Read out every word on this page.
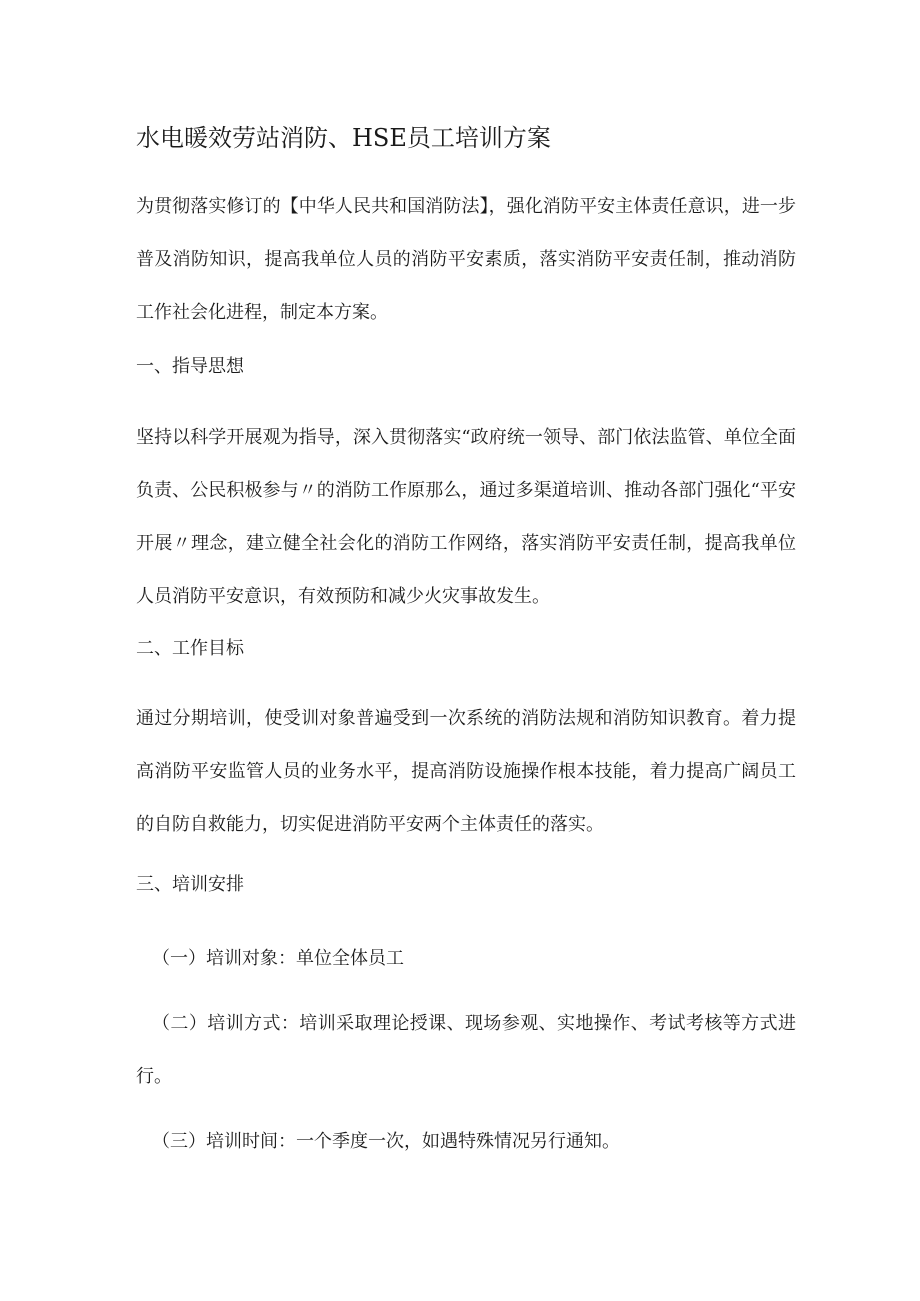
水电暖效劳站消防、HSE员工培训方案
为贯彻落实修订的【中华人民共和国消防法】，强化消防平安主体责任意识，进一步普及消防知识，提高我单位人员的消防平安素质，落实消防平安责任制，推动消防工作社会化进程，制定本方案。
一、指导思想
坚持以科学开展观为指导，深入贯彻落实“政府统一领导、部门依法监管、单位全面负责、公民积极参与〃的消防工作原那么，通过多渠道培训、推动各部门强化“平安开展〃理念，建立健全社会化的消防工作网络，落实消防平安责任制，提高我单位人员消防平安意识，有效预防和减少火灾事故发生。
二、工作目标
通过分期培训，使受训对象普遍受到一次系统的消防法规和消防知识教育。着力提高消防平安监管人员的业务水平，提高消防设施操作根本技能，着力提高广阔员工的自防自救能力，切实促进消防平安两个主体责任的落实。
三、培训安排
（一）培训对象：单位全体员工
（二）培训方式：培训采取理论授课、现场参观、实地操作、考试考核等方式进行。
（三）培训时间：一个季度一次，如遇特殊情况另行通知。
